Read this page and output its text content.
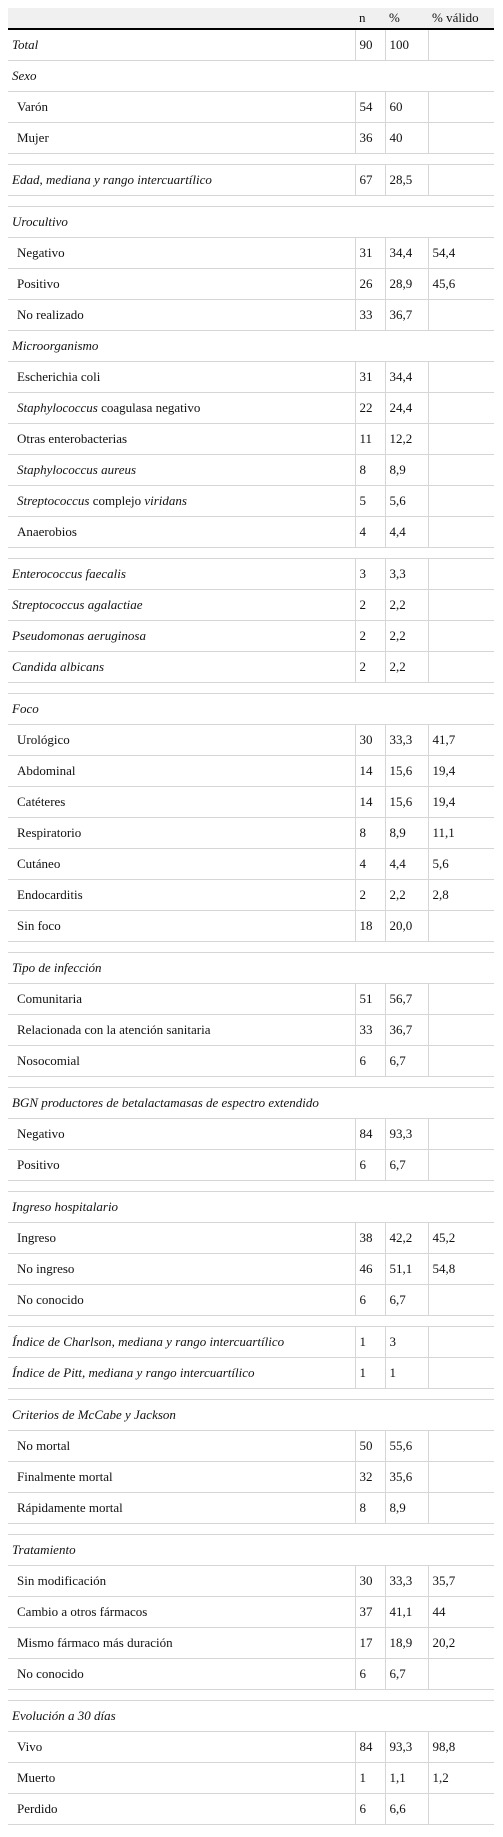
	n	%	% válido
Total	90	100	
Sexo			
Varón	54	60	
Mujer	36	40	

Edad, mediana y rango intercuartílico	67	28,5	

Urocultivo			
Negativo	31	34,4	54,4
Positivo	26	28,9	45,6
No realizado	33	36,7	
Microorganismo			
Escherichia coli	31	34,4	
Staphylococcus coagulasa negativo	22	24,4	
Otras enterobacterias	11	12,2	
Staphylococcus aureus	8	8,9	
Streptococcus complejo viridans	5	5,6	
Anaerobios	4	4,4	

Enterococcus faecalis	3	3,3	
Streptococcus agalactiae	2	2,2	
Pseudomonas aeruginosa	2	2,2	
Candida albicans	2	2,2	

Foco			
Urológico	30	33,3	41,7
Abdominal	14	15,6	19,4
Catéteres	14	15,6	19,4
Respiratorio	8	8,9	11,1
Cutáneo	4	4,4	5,6
Endocarditis	2	2,2	2,8
Sin foco	18	20,0	

Tipo de infección			
Comunitaria	51	56,7	
Relacionada con la atención sanitaria	33	36,7	
Nosocomial	6	6,7	

BGN productores de betalactamasas de espectro extendido			
Negativo	84	93,3	
Positivo	6	6,7	

Ingreso hospitalario			
Ingreso	38	42,2	45,2
No ingreso	46	51,1	54,8
No conocido	6	6,7	

Índice de Charlson, mediana y rango intercuartílico	1	3	
Índice de Pitt, mediana y rango intercuartílico	1	1	

Criterios de McCabe y Jackson			
No mortal	50	55,6	
Finalmente mortal	32	35,6	
Rápidamente mortal	8	8,9	

Tratamiento			
Sin modificación	30	33,3	35,7
Cambio a otros fármacos	37	41,1	44
Mismo fármaco más duración	17	18,9	20,2
No conocido	6	6,7	

Evolución a 30 días			
Vivo	84	93,3	98,8
Muerto	1	1,1	1,2
Perdido	6	6,6	
